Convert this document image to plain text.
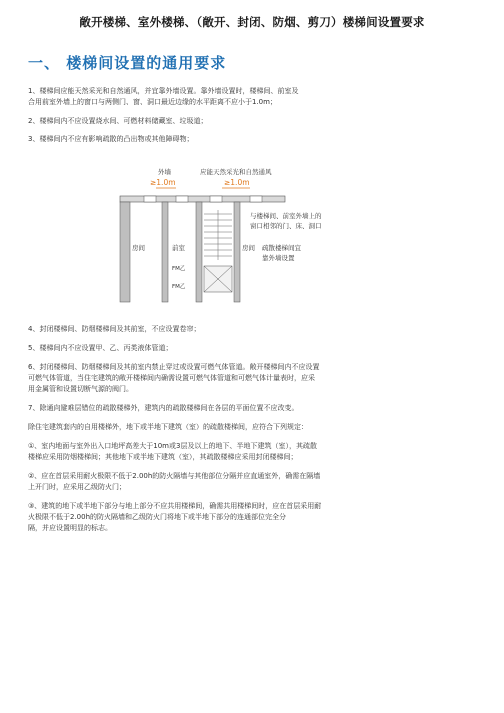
敞开楼梯、室外楼梯、（敞开、封闭、防烟、剪刀）楼梯间设置要求
一、 楼梯间设置的通用要求
1、楼梯间应能天然采光和自然通风，并宜靠外墙设置。靠外墙设置时，楼梯间、前室及
合用前室外墙上的窗口与两侧门、窗、洞口最近边缘的水平距离不应小于1.0m；
2、楼梯间内不应设置烧水间、可燃材料储藏室、垃圾道；
3、楼梯间内不应有影响疏散的凸出物或其他障碍物；
≥1.0m	≥1.0m
外墙	应能天然采光和自然通风
房间	前室	房间
FM乙
FM乙
与楼梯间、前室外墙上的
窗口相邻的门、床、洞口
疏散楼梯间宜
靠外墙设置
4、封闭楼梯间、防烟楼梯间及其前室，不应设置卷帘；
5、楼梯间内不应设置甲、乙、丙类液体管道；
6、封闭楼梯间、防烟楼梯间及其前室内禁止穿过或设置可燃气体管道。敞开楼梯间内不应设置
可燃气体管道，当住宅建筑的敞开楼梯间内确需设置可燃气体管道和可燃气体计量表时，应采
用金属管和设置切断气源的阀门。
7、除通向避难层错位的疏散楼梯外，建筑内的疏散楼梯间在各层的平面位置不应改变。
除住宅建筑套内的自用楼梯外，地下或半地下建筑（室）的疏散楼梯间，应符合下列规定：
①、室内地面与室外出入口地坪高差大于10m或3层及以上的地下、半地下建筑（室），其疏散
楼梯应采用防烟楼梯间；其他地下或半地下建筑（室），其疏散楼梯应采用封闭楼梯间；
②、应在首层采用耐火极限不低于2.00h的防火隔墙与其他部位分隔并应直通室外，确需在隔墙
上开门时，应采用乙级防火门；
③、建筑的地下或半地下部分与地上部分不应共用楼梯间，确需共用楼梯间时，应在首层采用耐
火极限不低于2.00h的防火隔墙和乙级防火门将地下或半地下部分的连通部位完全分
隔，并应设置明显的标志。
